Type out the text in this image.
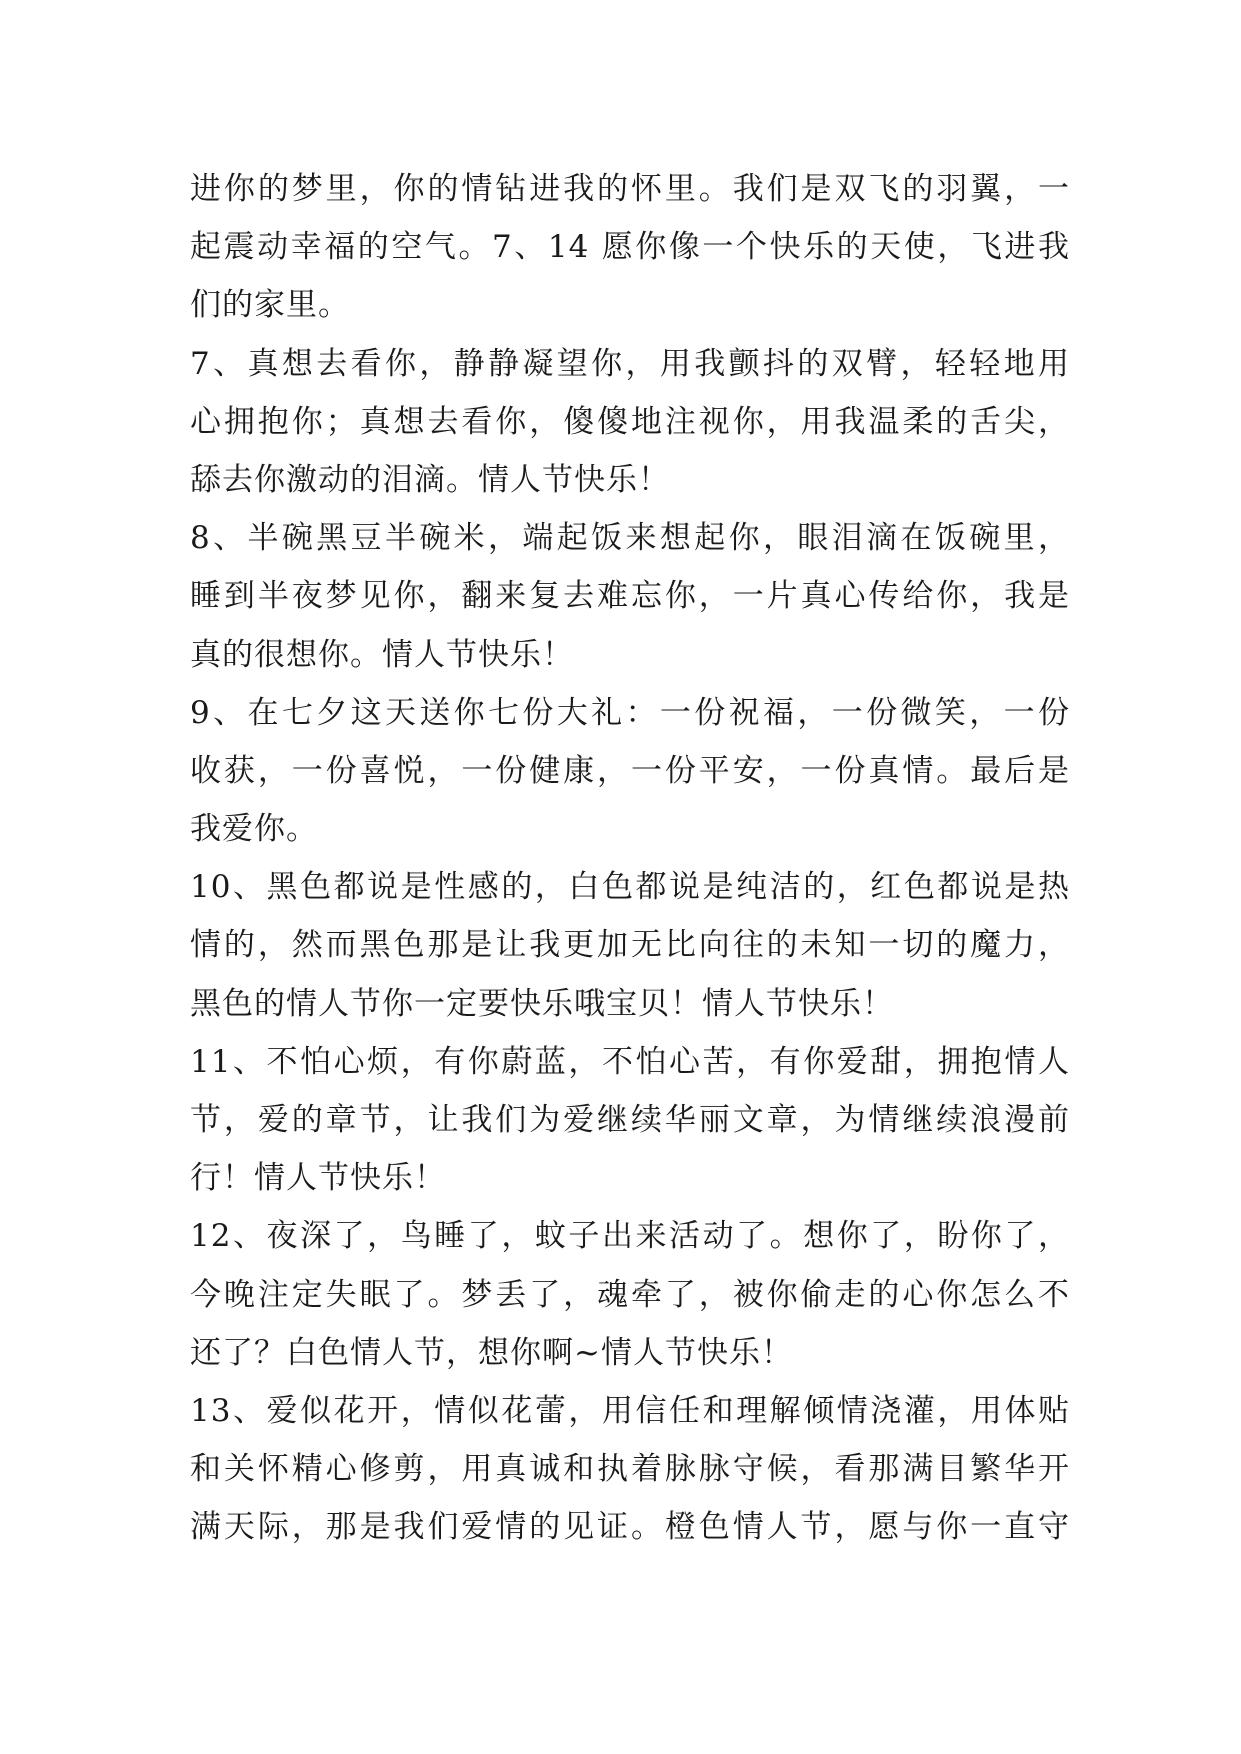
进你的梦里，你的情钻进我的怀里。我们是双飞的羽翼，一
起震动幸福的空气。7、14 愿你像一个快乐的天使，飞进我
们的家里。
7、真想去看你，静静凝望你，用我颤抖的双臂，轻轻地用
心拥抱你；真想去看你，傻傻地注视你，用我温柔的舌尖，
舔去你激动的泪滴。情人节快乐！
8、半碗黑豆半碗米，端起饭来想起你，眼泪滴在饭碗里，
睡到半夜梦见你，翻来复去难忘你，一片真心传给你，我是
真的很想你。情人节快乐！
9、在七夕这天送你七份大礼：一份祝福，一份微笑，一份
收获，一份喜悦，一份健康，一份平安，一份真情。最后是
我爱你。
10、黑色都说是性感的，白色都说是纯洁的，红色都说是热
情的，然而黑色那是让我更加无比向往的未知一切的魔力，
黑色的情人节你一定要快乐哦宝贝！情人节快乐！
11、不怕心烦，有你蔚蓝，不怕心苦，有你爱甜，拥抱情人
节，爱的章节，让我们为爱继续华丽文章，为情继续浪漫前
行！情人节快乐！
12、夜深了，鸟睡了，蚊子出来活动了。想你了，盼你了，
今晚注定失眠了。梦丢了，魂牵了，被你偷走的心你怎么不
还了？白色情人节，想你啊~情人节快乐！
13、爱似花开，情似花蕾，用信任和理解倾情浇灌，用体贴
和关怀精心修剪，用真诚和执着脉脉守候，看那满目繁华开
满天际，那是我们爱情的见证。橙色情人节，愿与你一直守
